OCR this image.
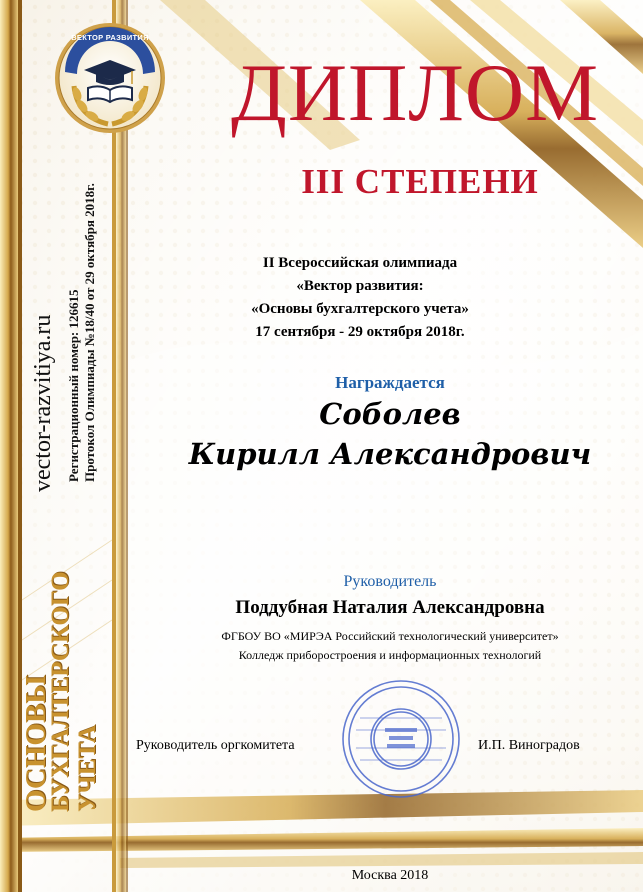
ВЕКТОР РАЗВИТИЯ
ДИПЛОМ
III СТЕПЕНИ
vector-razvitiya.ru Регистрационный номер: 126615 Протокол Олимпиады №18/40 от 29 октября 2018г.
ОСНОВЫ
БУХГАЛТЕРСКОГО УЧЕТА
II Всероссийская олимпиада
«Вектор развития:
«Основы бухгалтерского учета»
17 сентября - 29 октября 2018г.
Награждается
Соболев
Кирилл Александрович
Руководитель
Поддубная Наталия Александровна
ФГБОУ ВО «МИРЭА Российский технологический университет»
Колледж приборостроения и информационных технологий
Руководитель оргкомитета	И.П. Виноградов
Москва 2018
